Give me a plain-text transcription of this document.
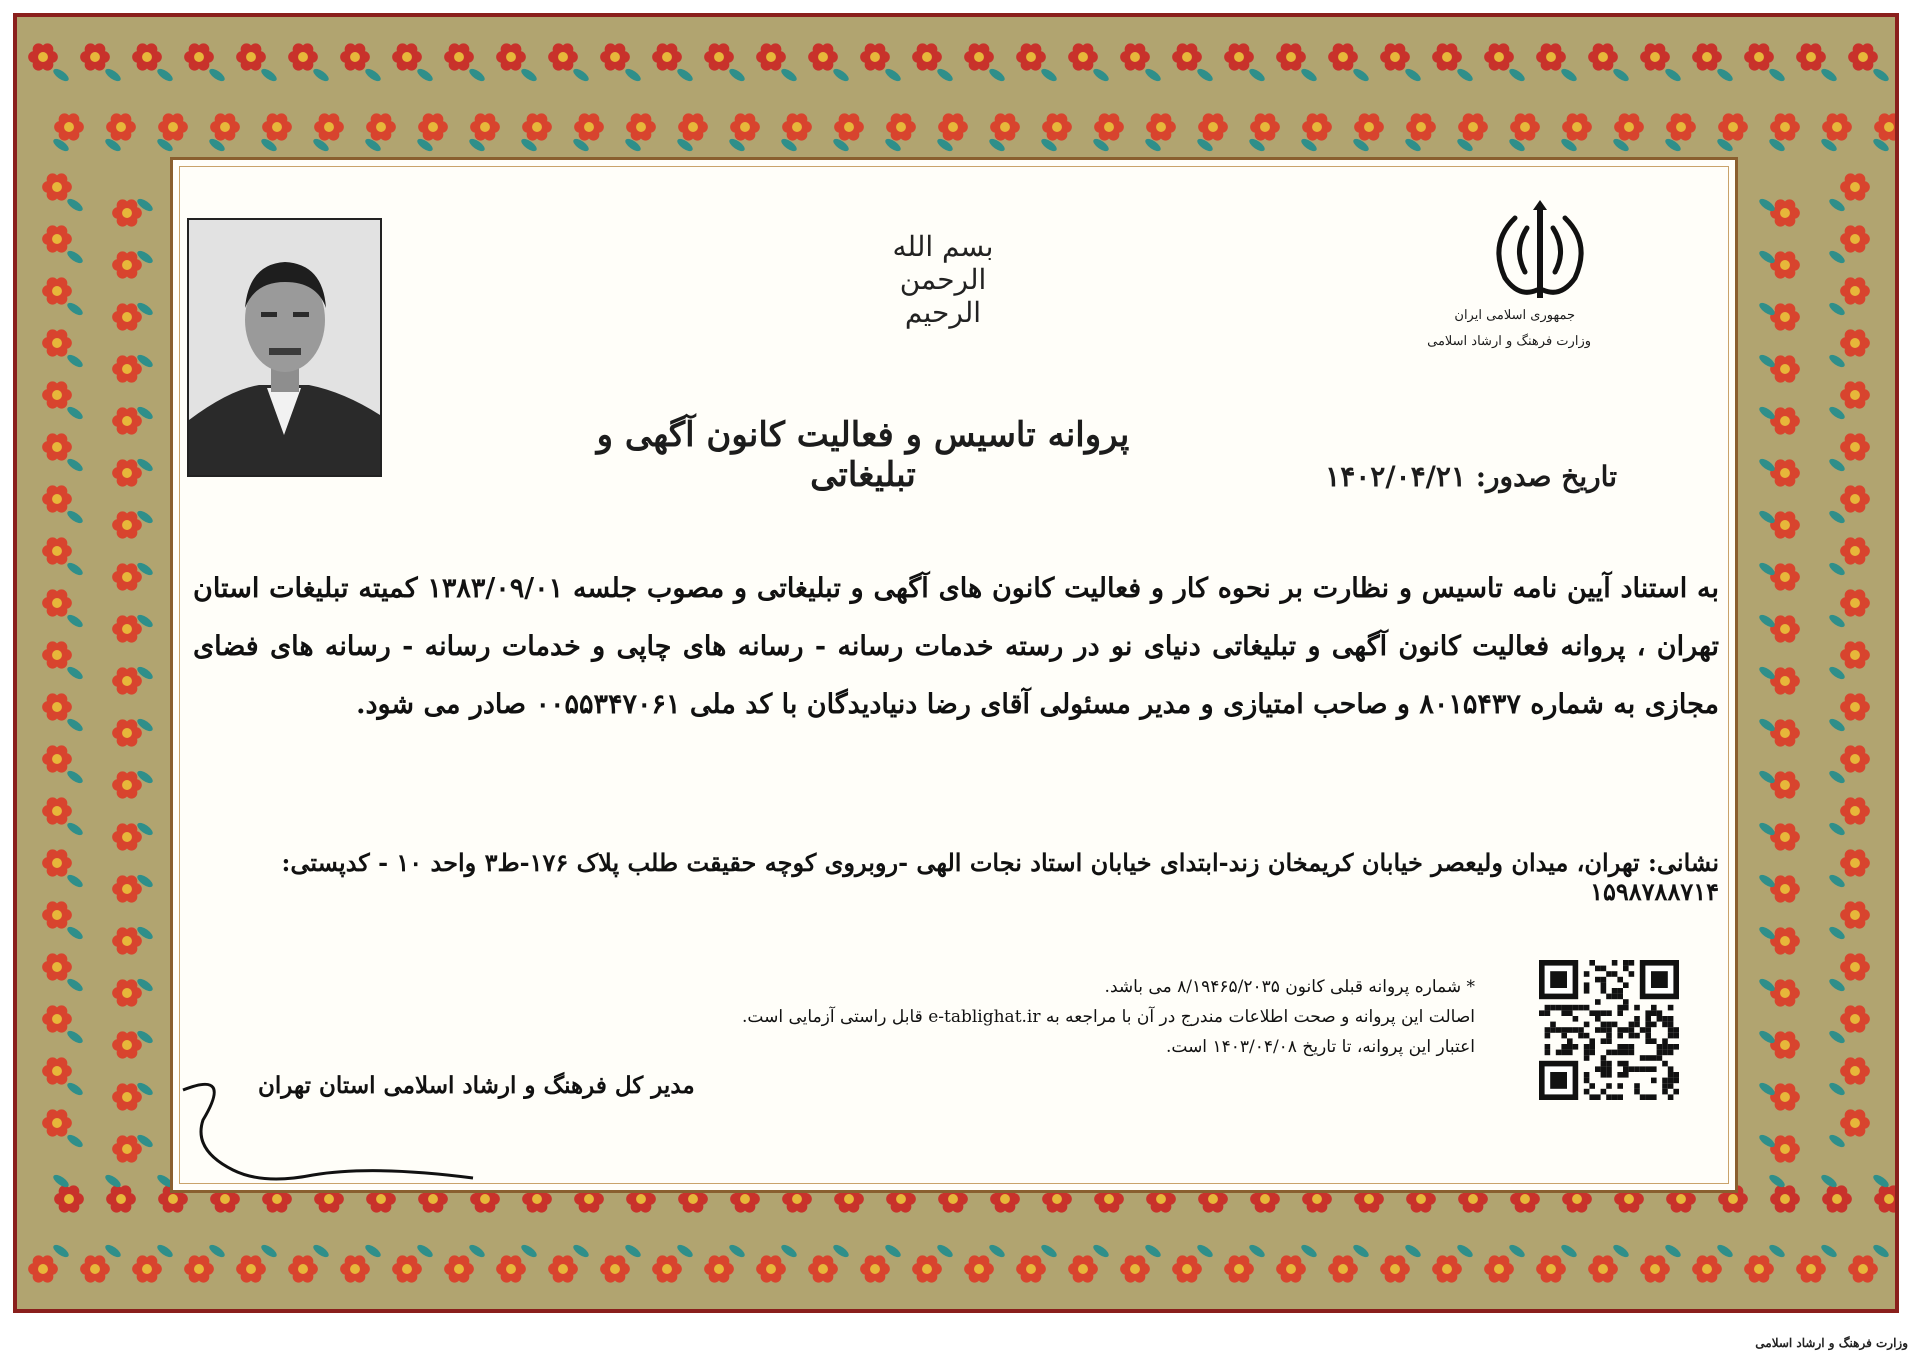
جمهوری اسلامی ایران
وزارت فرهنگ و ارشاد اسلامی
بسم الله الرحمن الرحیم
پروانه تاسیس و فعالیت کانون آگهی و تبلیغاتی	تاریخ صدور: ۱۴۰۲/۰۴/۲۱
به استناد آیین نامه تاسیس و نظارت بر نحوه کار و فعالیت کانون های آگهی و تبلیغاتی و مصوب جلسه ۱۳۸۳/۰۹/۰۱ کمیته تبلیغات استان تهران ، پروانه فعالیت کانون آگهی و تبلیغاتی دنیای نو در رسته خدمات رسانه - رسانه های چاپی و خدمات رسانه - رسانه های فضای مجازی به شماره ۸۰۱۵۴۳۷ و صاحب امتیازی و مدیر مسئولی آقای رضا دنیادیدگان با کد ملی ۰۰۵۵۳۴۷۰۶۱ صادر می شود.
نشانی: تهران، میدان ولیعصر خیابان کریمخان زند-ابتدای خیابان استاد نجات الهی -روبروی کوچه حقیقت طلب پلاک ۱۷۶-ط۳ واحد ۱۰ - کدپستی: ۱۵۹۸۷۸۸۷۱۴
* شماره پروانه قبلی کانون ۸/۱۹۴۶۵/۲۰۳۵ می باشد.
اصالت این پروانه و صحت اطلاعات مندرج در آن با مراجعه به e-tablighat.ir قابل راستی آزمایی است.
اعتبار این پروانه، تا تاریخ ۱۴۰۳/۰۴/۰۸ است.
مدیر کل فرهنگ و ارشاد اسلامی استان تهران
وزارت فرهنگ و ارشاد اسلامی
